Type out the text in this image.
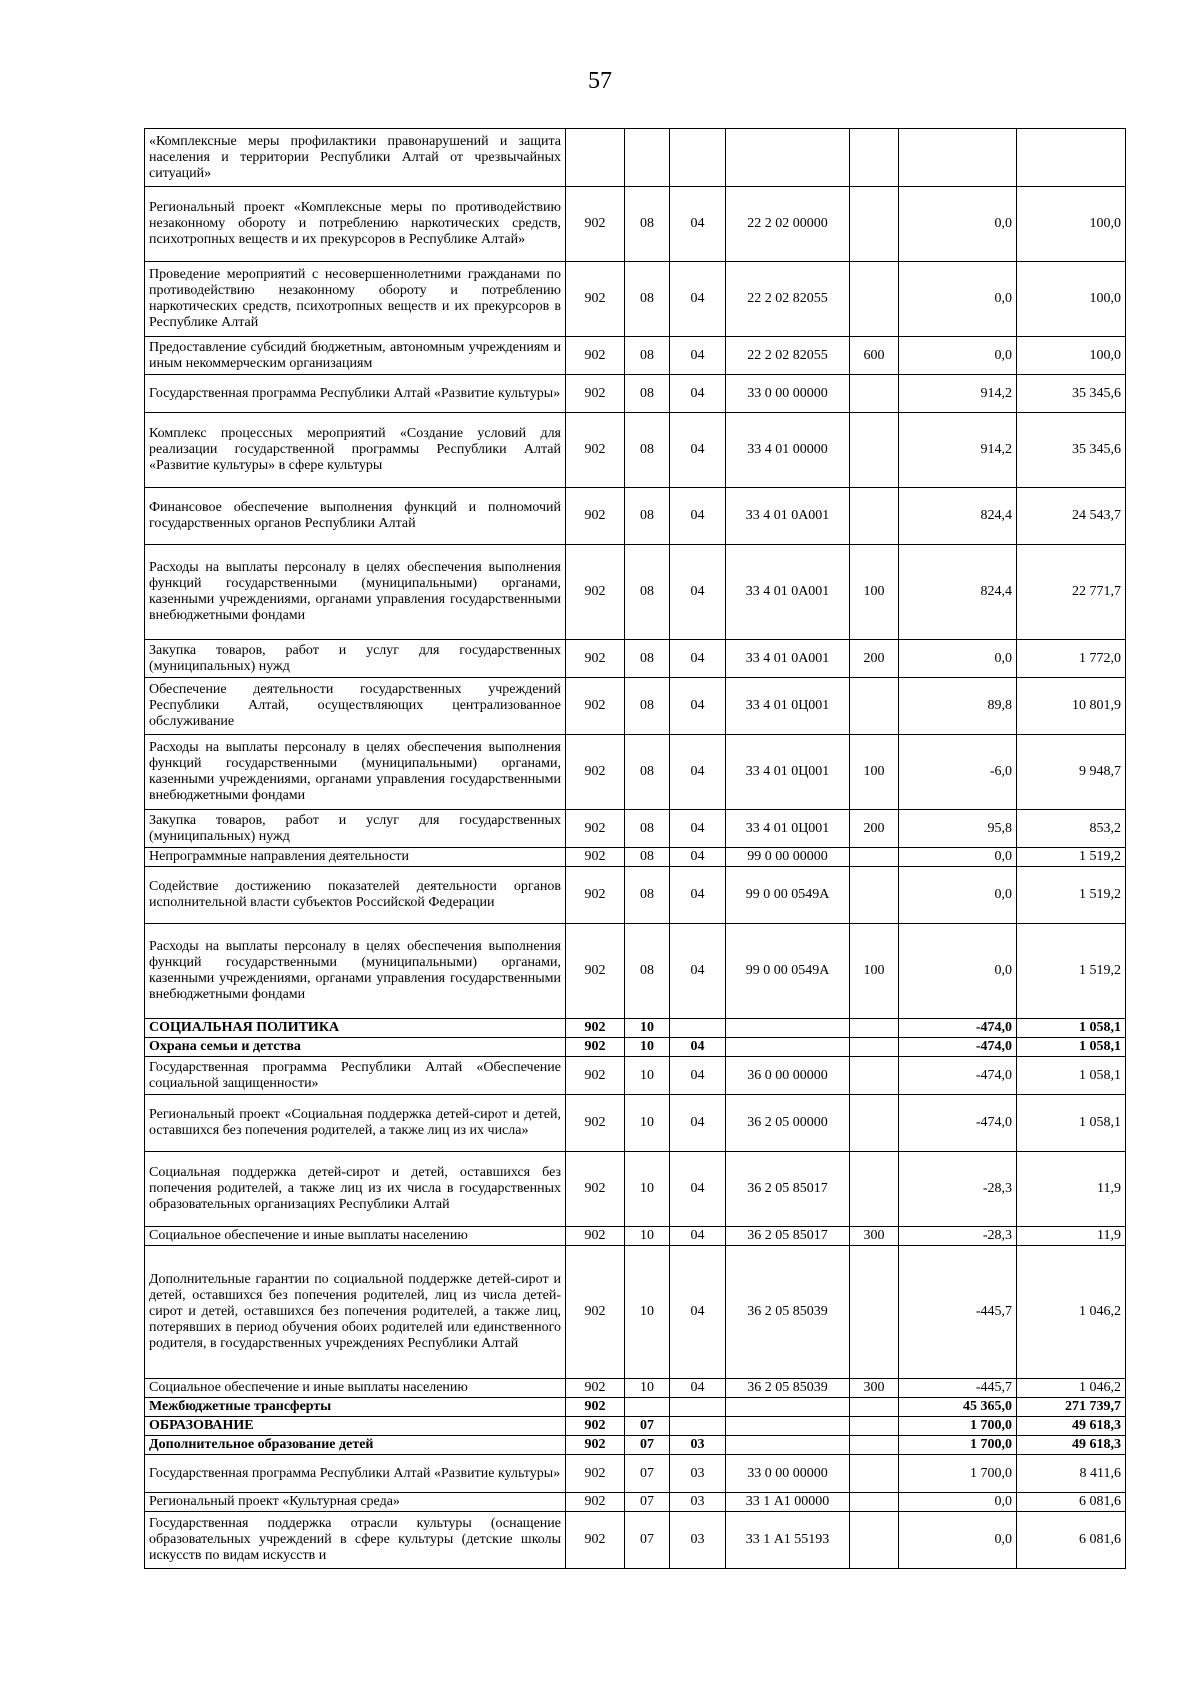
57
«Комплексные меры профилактики правонарушений и защита населения и территории Республики Алтай от чрезвычайных ситуаций»							
Региональный проект «Комплексные меры по противодействию незаконному обороту и потреблению наркотических средств, психотропных веществ и их прекурсоров в Республике Алтай»	902	08	04	22 2 02 00000		0,0	100,0
Проведение мероприятий с несовершеннолетними гражданами по противодействию незаконному обороту и потреблению наркотических средств, психотропных веществ и их прекурсоров в Республике Алтай	902	08	04	22 2 02 82055		0,0	100,0
Предоставление субсидий бюджетным, автономным учреждениям и иным некоммерческим организациям	902	08	04	22 2 02 82055	600	0,0	100,0
Государственная программа Республики Алтай «Развитие культуры»	902	08	04	33 0 00 00000		914,2	35 345,6
Комплекс процессных мероприятий «Создание условий для реализации государственной программы Республики Алтай «Развитие культуры» в сфере культуры	902	08	04	33 4 01 00000		914,2	35 345,6
Финансовое обеспечение выполнения функций и полномочий государственных органов Республики Алтай	902	08	04	33 4 01 0А001		824,4	24 543,7
Расходы на выплаты персоналу в целях обеспечения выполнения функций государственными (муниципальными) органами, казенными учреждениями, органами управления государственными внебюджетными фондами	902	08	04	33 4 01 0А001	100	824,4	22 771,7
Закупка товаров, работ и услуг для государственных (муниципальных) нужд	902	08	04	33 4 01 0А001	200	0,0	1 772,0
Обеспечение деятельности государственных учреждений Республики Алтай, осуществляющих централизованное обслуживание	902	08	04	33 4 01 0Ц001		89,8	10 801,9
Расходы на выплаты персоналу в целях обеспечения выполнения функций государственными (муниципальными) органами, казенными учреждениями, органами управления государственными внебюджетными фондами	902	08	04	33 4 01 0Ц001	100	-6,0	9 948,7
Закупка товаров, работ и услуг для государственных (муниципальных) нужд	902	08	04	33 4 01 0Ц001	200	95,8	853,2
Непрограммные направления деятельности	902	08	04	99 0 00 00000		0,0	1 519,2
Содействие достижению показателей деятельности органов исполнительной власти субъектов Российской Федерации	902	08	04	99 0 00 0549А		0,0	1 519,2
Расходы на выплаты персоналу в целях обеспечения выполнения функций государственными (муниципальными) органами, казенными учреждениями, органами управления государственными внебюджетными фондами	902	08	04	99 0 00 0549А	100	0,0	1 519,2
СОЦИАЛЬНАЯ ПОЛИТИКА	902	10				-474,0	1 058,1
Охрана семьи и детства	902	10	04			-474,0	1 058,1
Государственная программа Республики Алтай «Обеспечение социальной защищенности»	902	10	04	36 0 00 00000		-474,0	1 058,1
Региональный проект «Социальная поддержка детей-сирот и детей, оставшихся без попечения родителей, а также лиц из их числа»	902	10	04	36 2 05 00000		-474,0	1 058,1
Социальная поддержка детей-сирот и детей, оставшихся без попечения родителей, а также лиц из их числа в государственных образовательных организациях Республики Алтай	902	10	04	36 2 05 85017		-28,3	11,9
Социальное обеспечение и иные выплаты населению	902	10	04	36 2 05 85017	300	-28,3	11,9
Дополнительные гарантии по социальной поддержке детей-сирот и детей, оставшихся без попечения родителей, лиц из числа детей-сирот и детей, оставшихся без попечения родителей, а также лиц, потерявших в период обучения обоих родителей или единственного родителя, в государственных учреждениях Республики Алтай	902	10	04	36 2 05 85039		-445,7	1 046,2
Социальное обеспечение и иные выплаты населению	902	10	04	36 2 05 85039	300	-445,7	1 046,2
Межбюджетные трансферты	902					45 365,0	271 739,7
ОБРАЗОВАНИЕ	902	07				1 700,0	49 618,3
Дополнительное образование детей	902	07	03			1 700,0	49 618,3
Государственная программа Республики Алтай «Развитие культуры»	902	07	03	33 0 00 00000		1 700,0	8 411,6
Региональный проект «Культурная среда»	902	07	03	33 1 А1 00000		0,0	6 081,6
Государственная поддержка отрасли культуры (оснащение образовательных учреждений в сфере культуры (детские школы искусств по видам искусств и	902	07	03	33 1 А1 55193		0,0	6 081,6
